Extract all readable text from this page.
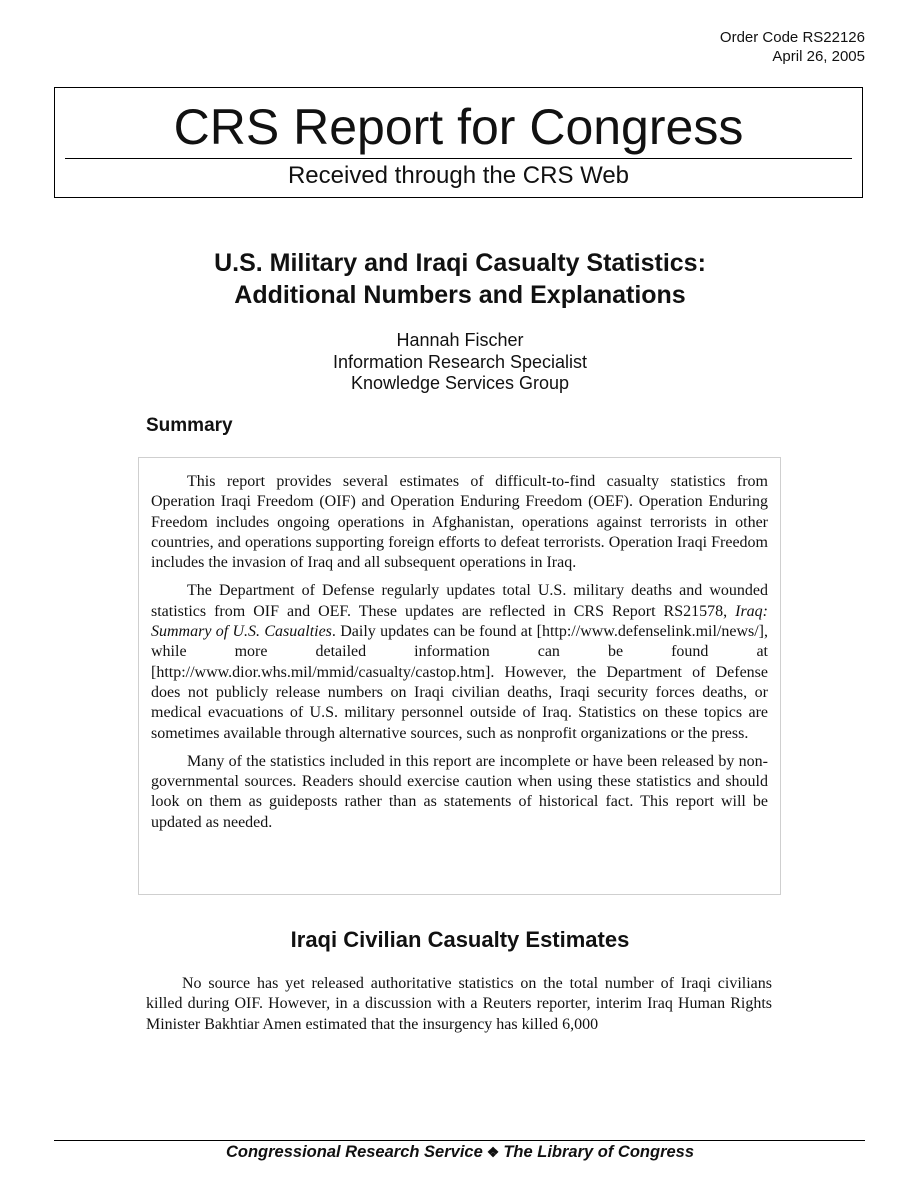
Order Code RS22126
April 26, 2005
CRS Report for Congress
Received through the CRS Web
U.S. Military and Iraqi Casualty Statistics:
Additional Numbers and Explanations
Hannah Fischer
Information Research Specialist
Knowledge Services Group
Summary

This report provides several estimates of difficult-to-find casualty statistics from Operation Iraqi Freedom (OIF) and Operation Enduring Freedom (OEF). Operation Enduring Freedom includes ongoing operations in Afghanistan, operations against terrorists in other countries, and operations supporting foreign efforts to defeat terrorists. Operation Iraqi Freedom includes the invasion of Iraq and all subsequent operations in Iraq.

The Department of Defense regularly updates total U.S. military deaths and wounded statistics from OIF and OEF. These updates are reflected in CRS Report RS21578, Iraq: Summary of U.S. Casualties. Daily updates can be found at [http://www.defenselink.mil/news/], while more detailed information can be found at [http://www.dior.whs.mil/mmid/casualty/castop.htm]. However, the Department of Defense does not publicly release numbers on Iraqi civilian deaths, Iraqi security forces deaths, or medical evacuations of U.S. military personnel outside of Iraq. Statistics on these topics are sometimes available through alternative sources, such as nonprofit organizations or the press.

Many of the statistics included in this report are incomplete or have been released by non-governmental sources. Readers should exercise caution when using these statistics and should look on them as guideposts rather than as statements of historical fact. This report will be updated as needed.

Iraqi Civilian Casualty Estimates

No source has yet released authoritative statistics on the total number of Iraqi civilians killed during OIF. However, in a discussion with a Reuters reporter, interim Iraq Human Rights Minister Bakhtiar Amen estimated that the insurgency has killed 6,000

Congressional Research Service ❖ The Library of Congress
